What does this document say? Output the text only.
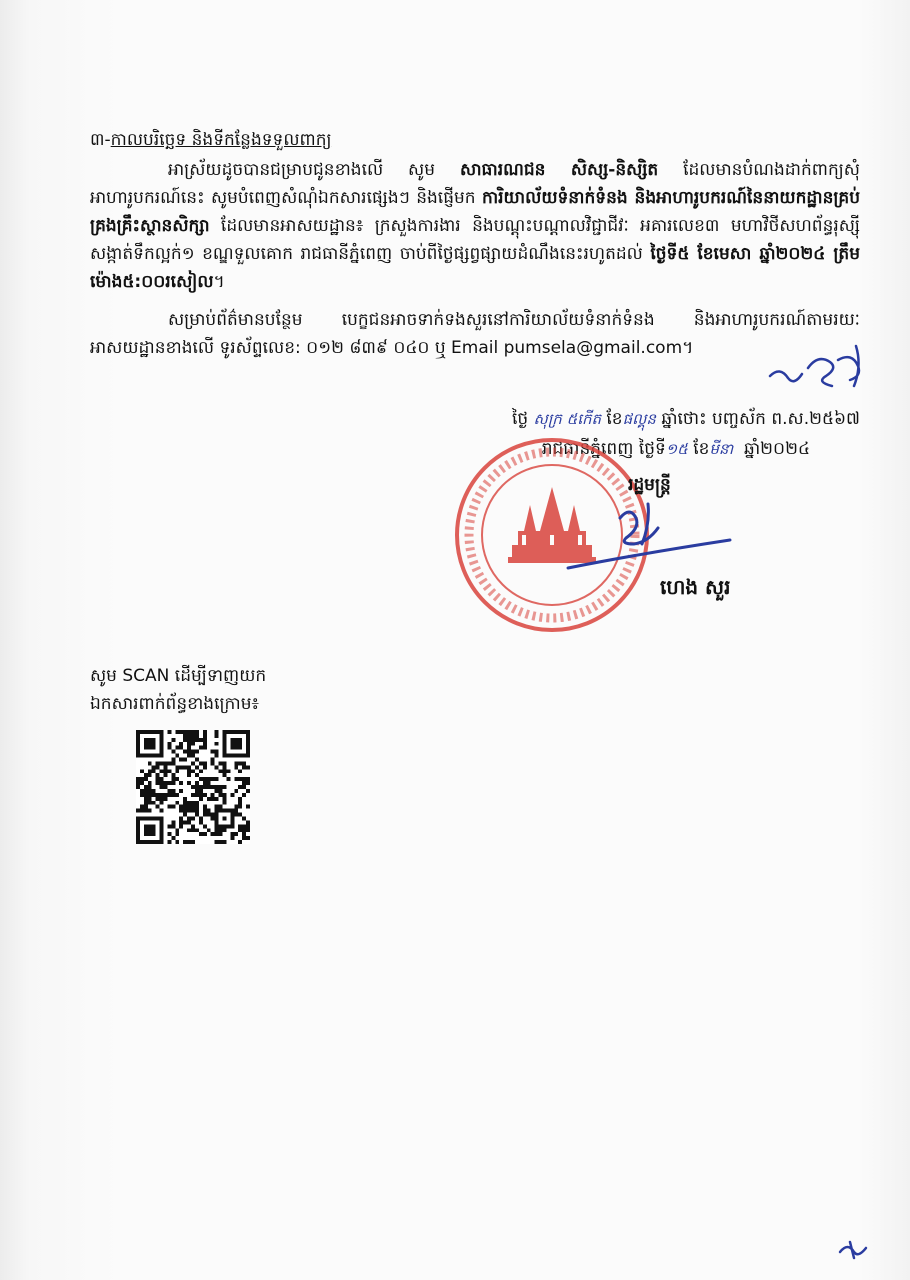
៣-កាលបរិច្ឆេទ និងទីកន្លែងទទួលពាក្យ

អាស្រ័យដូចបានជម្រាបជូនខាងលើ សូម សាធារណជន សិស្ស-និស្សិត ដែលមានបំណងដាក់ពាក្យសុំអាហារូបករណ៍នេះ សូមបំពេញសំណុំឯកសារផ្សេងៗ និងផ្ញើមក ការិយាល័យទំនាក់ទំនង និងអាហារូបករណ៍នៃនាយកដ្ឋានគ្រប់គ្រងគ្រឹះស្ថានសិក្សា ដែលមានអាសយដ្ឋាន៖ ក្រសួងការងារ និងបណ្តុះបណ្តាលវិជ្ជាជីវៈ អគារលេខ៣ មហាវិថីសហព័ន្ធរុស្ស៊ី សង្កាត់ទឹកល្អក់១ ខណ្ឌទួលគោក រាជធានីភ្នំពេញ ចាប់ពីថ្ងៃផ្សព្វផ្សាយដំណឹងនេះរហូតដល់ ថ្ងៃទី៥ ខែមេសា ឆ្នាំ២០២៤ ត្រឹមម៉ោង៥:០០រសៀល។

សម្រាប់ព័ត៌មានបន្ថែម បេក្ខជនអាចទាក់ទងសួរនៅការិយាល័យទំនាក់ទំនង និងអាហារូបករណ៍តាមរយៈអាសយដ្ឋានខាងលើ ទូរស័ព្ទលេខ: ០១២ ៨៣៩ ០៤០ ឬ Email pumsela@gmail.com។

ថ្ងៃ សុក្រ ៥កើត ខែផល្គុន ឆ្នាំថោះ បញ្ចស័ក ព.ស.២៥៦៧
រាជធានីភ្នំពេញ ថ្ងៃទី១៥ ខែមីនា ឆ្នាំ២០២៤
រដ្ឋមន្ត្រី
ហេង សួរ
សូម SCAN ដើម្បីទាញយក
ឯកសារពាក់ព័ន្ធខាងក្រោម៖
